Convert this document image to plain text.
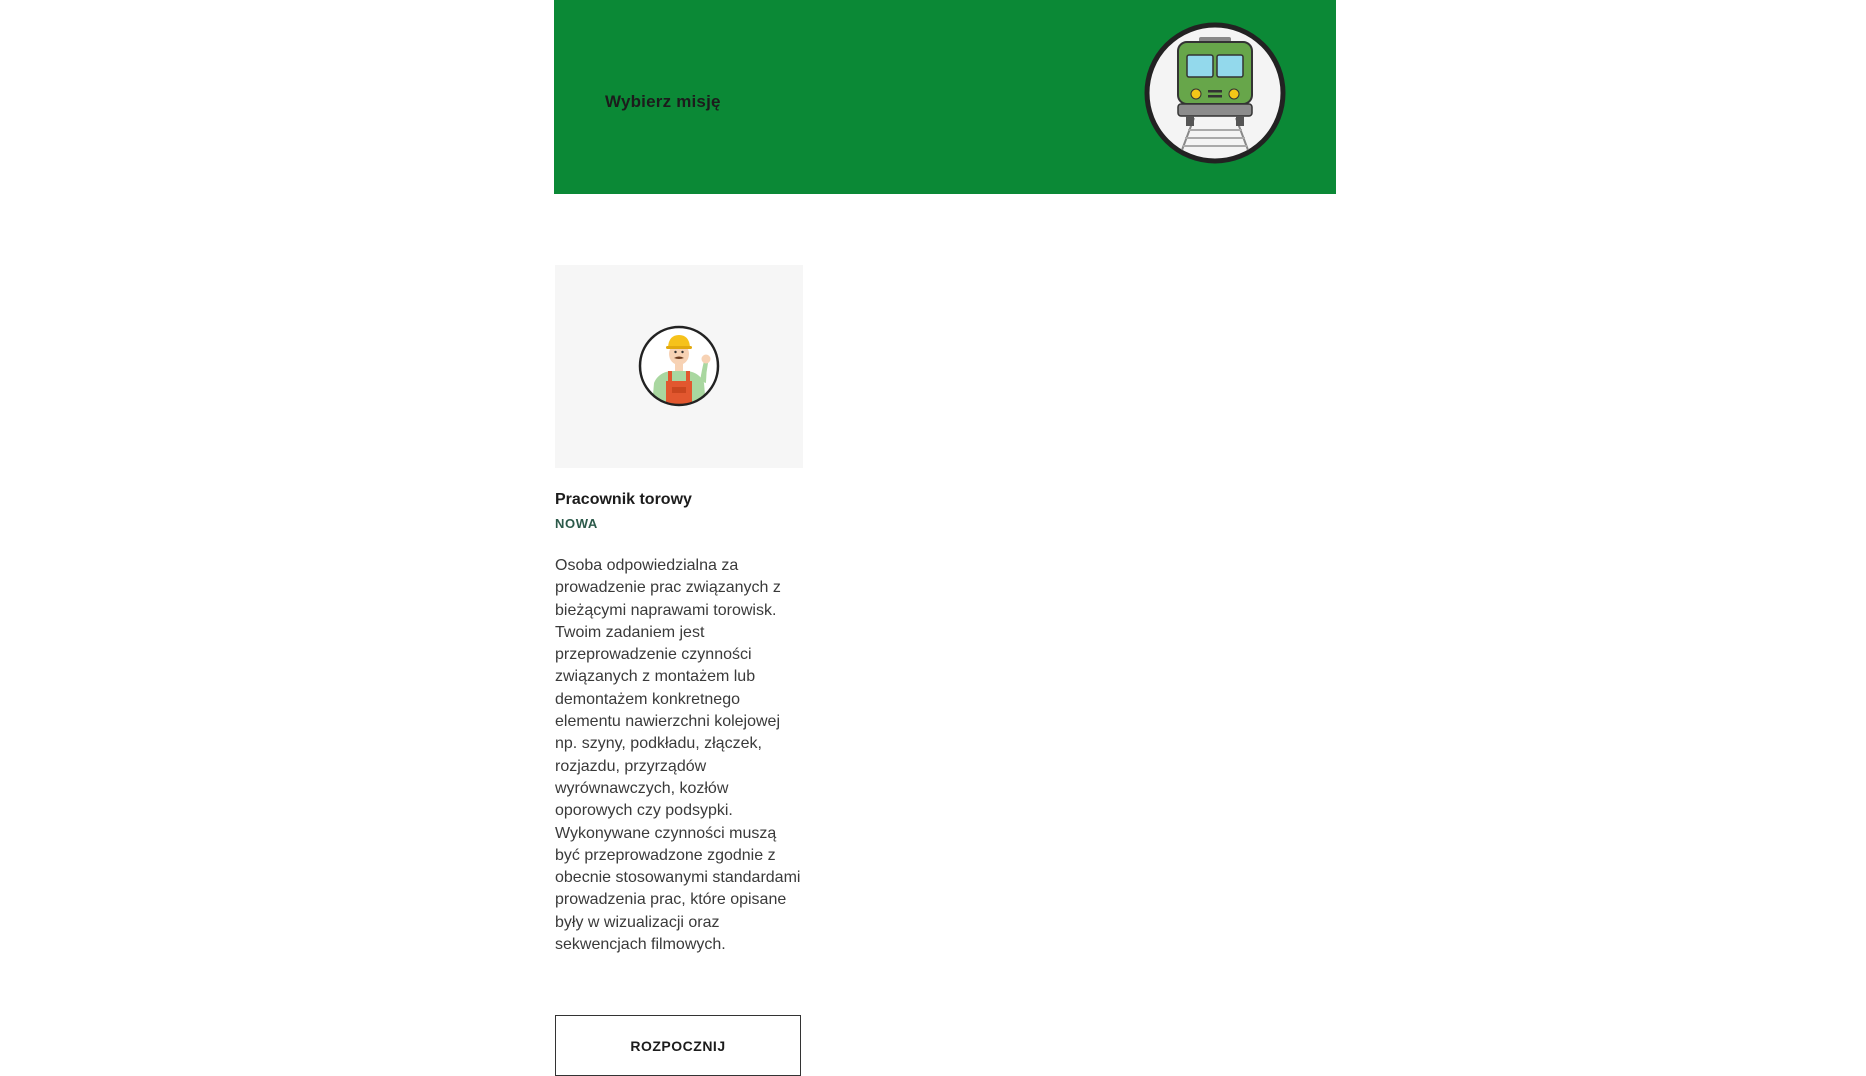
Wybierz misję
Pracownik torowy
NOWA
Osoba odpowiedzialna za prowadzenie prac związanych z bieżącymi naprawami torowisk. Twoim zadaniem jest przeprowadzenie czynności związanych z montażem lub demontażem konkretnego elementu nawierzchni kolejowej np. szyny, podkładu, złączek, rozjazdu, przyrządów wyrównawczych, kozłów oporowych czy podsypki. Wykonywane czynności muszą być przeprowadzone zgodnie z obecnie stosowanymi standardami prowadzenia prac, które opisane były w wizualizacji oraz sekwencjach filmowych.
ROZPOCZNIJ
